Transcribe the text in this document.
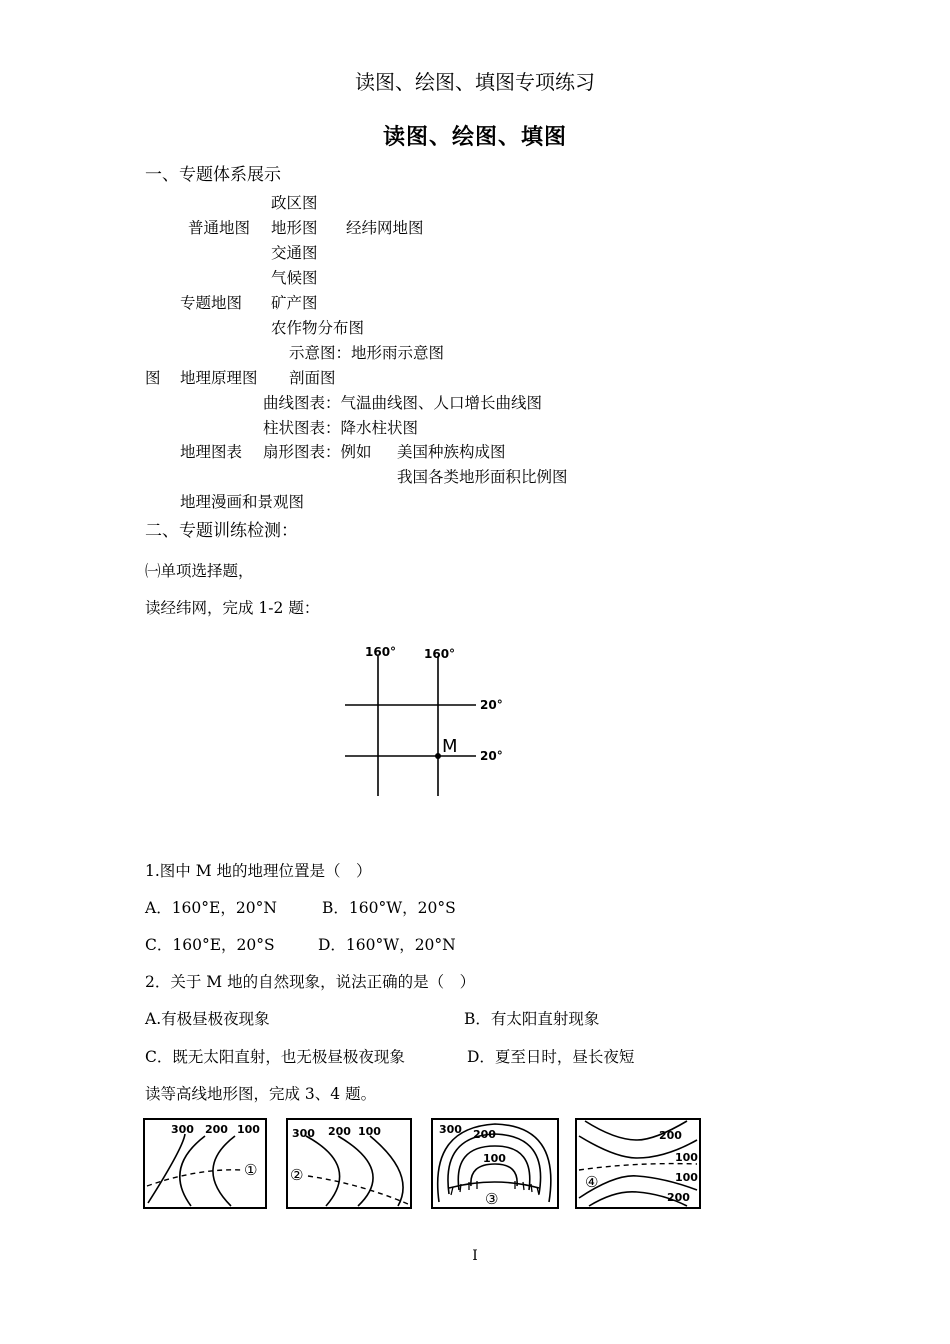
读图、绘图、填图专项练习
读图、绘图、填图
一、专题体系展示
政区图
普通地图 地形图 经纬网地图
交通图
气候图
专题地图 矿产图
农作物分布图
示意图：地形雨示意图
图 地理原理图 剖面图
曲线图表：气温曲线图、人口增长曲线图
柱状图表：降水柱状图
地理图表 扇形图表：例如 美国种族构成图
我国各类地形面积比例图
地理漫画和景观图
二、专题训练检测：
㈠单项选择题，
读经纬网，完成 1-2 题：
160° 160°
20°
20°
M
1.图中 M 地的地理位置是（　）
A．160°E，20°N	B．160°W，20°S
C．160°E，20°S	D．160°W，20°N
2．关于 M 地的自然现象，说法正确的是（　）
A.有极昼极夜现象	B．有太阳直射现象
C．既无太阳直射，也无极昼极夜现象	D．夏至日时，昼长夜短
读等高线地形图，完成 3、4 题。
300 200 100
①
300 200 100
②
300 200
100
③
200
100
100
200
④
I
